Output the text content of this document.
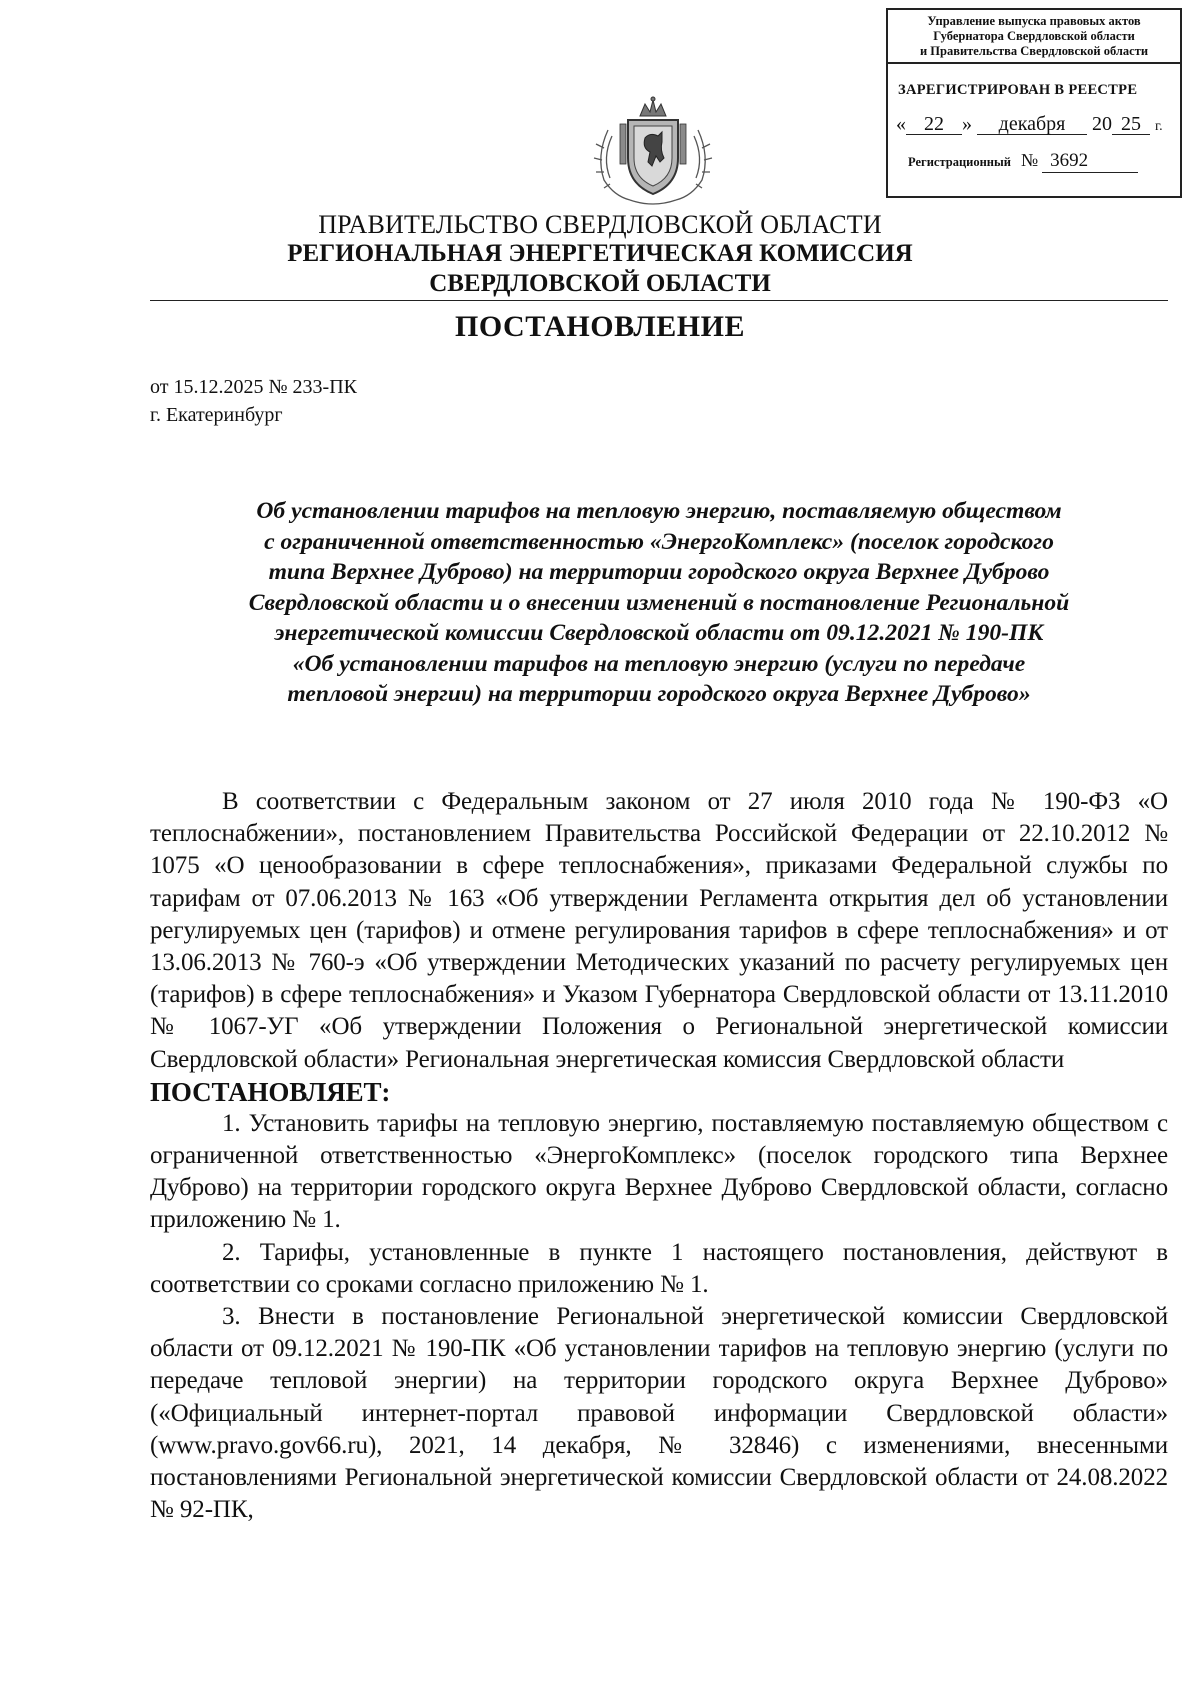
Управление выпуска правовых актов
Губернатора Свердловской области
и Правительства Свердловской области
ЗАРЕГИСТРИРОВАН В РЕЕСТРЕ
« 22 » декабря 20 25 г.
Регистрационный № 3692
ПРАВИТЕЛЬСТВО СВЕРДЛОВСКОЙ ОБЛАСТИ
РЕГИОНАЛЬНАЯ ЭНЕРГЕТИЧЕСКАЯ КОМИССИЯ
СВЕРДЛОВСКОЙ ОБЛАСТИ
ПОСТАНОВЛЕНИЕ
от 15.12.2025 № 233-ПК
г. Екатеринбург
Об установлении тарифов на тепловую энергию, поставляемую обществом
с ограниченной ответственностью «ЭнергоКомплекс» (поселок городского
типа Верхнее Дуброво) на территории городского округа Верхнее Дуброво
Свердловской области и о внесении изменений в постановление Региональной
энергетической комиссии Свердловской области от 09.12.2021 № 190-ПК
«Об установлении тарифов на тепловую энергию (услуги по передаче
тепловой энергии) на территории городского округа Верхнее Дуброво»

В соответствии с Федеральным законом от 27 июля 2010 года № 190-ФЗ «О теплоснабжении», постановлением Правительства Российской Федерации от 22.10.2012 № 1075 «О ценообразовании в сфере теплоснабжения», приказами Федеральной службы по тарифам от 07.06.2013 № 163 «Об утверждении Регламента открытия дел об установлении регулируемых цен (тарифов) и отмене регулирования тарифов в сфере теплоснабжения» и от 13.06.2013 № 760-э «Об утверждении Методических указаний по расчету регулируемых цен (тарифов) в сфере теплоснабжения» и Указом Губернатора Свердловской области от 13.11.2010 № 1067-УГ «Об утверждении Положения о Региональной энергетической комиссии Свердловской области» Региональная энергетическая комиссия Свердловской области

ПОСТАНОВЛЯЕТ:

1. Установить тарифы на тепловую энергию, поставляемую поставляемую обществом с ограниченной ответственностью «ЭнергоКомплекс» (поселок городского типа Верхнее Дуброво) на территории городского округа Верхнее Дуброво Свердловской области, согласно приложению № 1.

2. Тарифы, установленные в пункте 1 настоящего постановления, действуют в соответствии со сроками согласно приложению № 1.

3. Внести в постановление Региональной энергетической комиссии Свердловской области от 09.12.2021 № 190-ПК «Об установлении тарифов на тепловую энергию (услуги по передаче тепловой энергии) на территории городского округа Верхнее Дуброво» («Официальный интернет-портал правовой информации Свердловской области» (www.pravo.gov66.ru), 2021, 14 декабря, № 32846) с изменениями, внесенными постановлениями Региональной энергетической комиссии Свердловской области от 24.08.2022 № 92-ПК,
